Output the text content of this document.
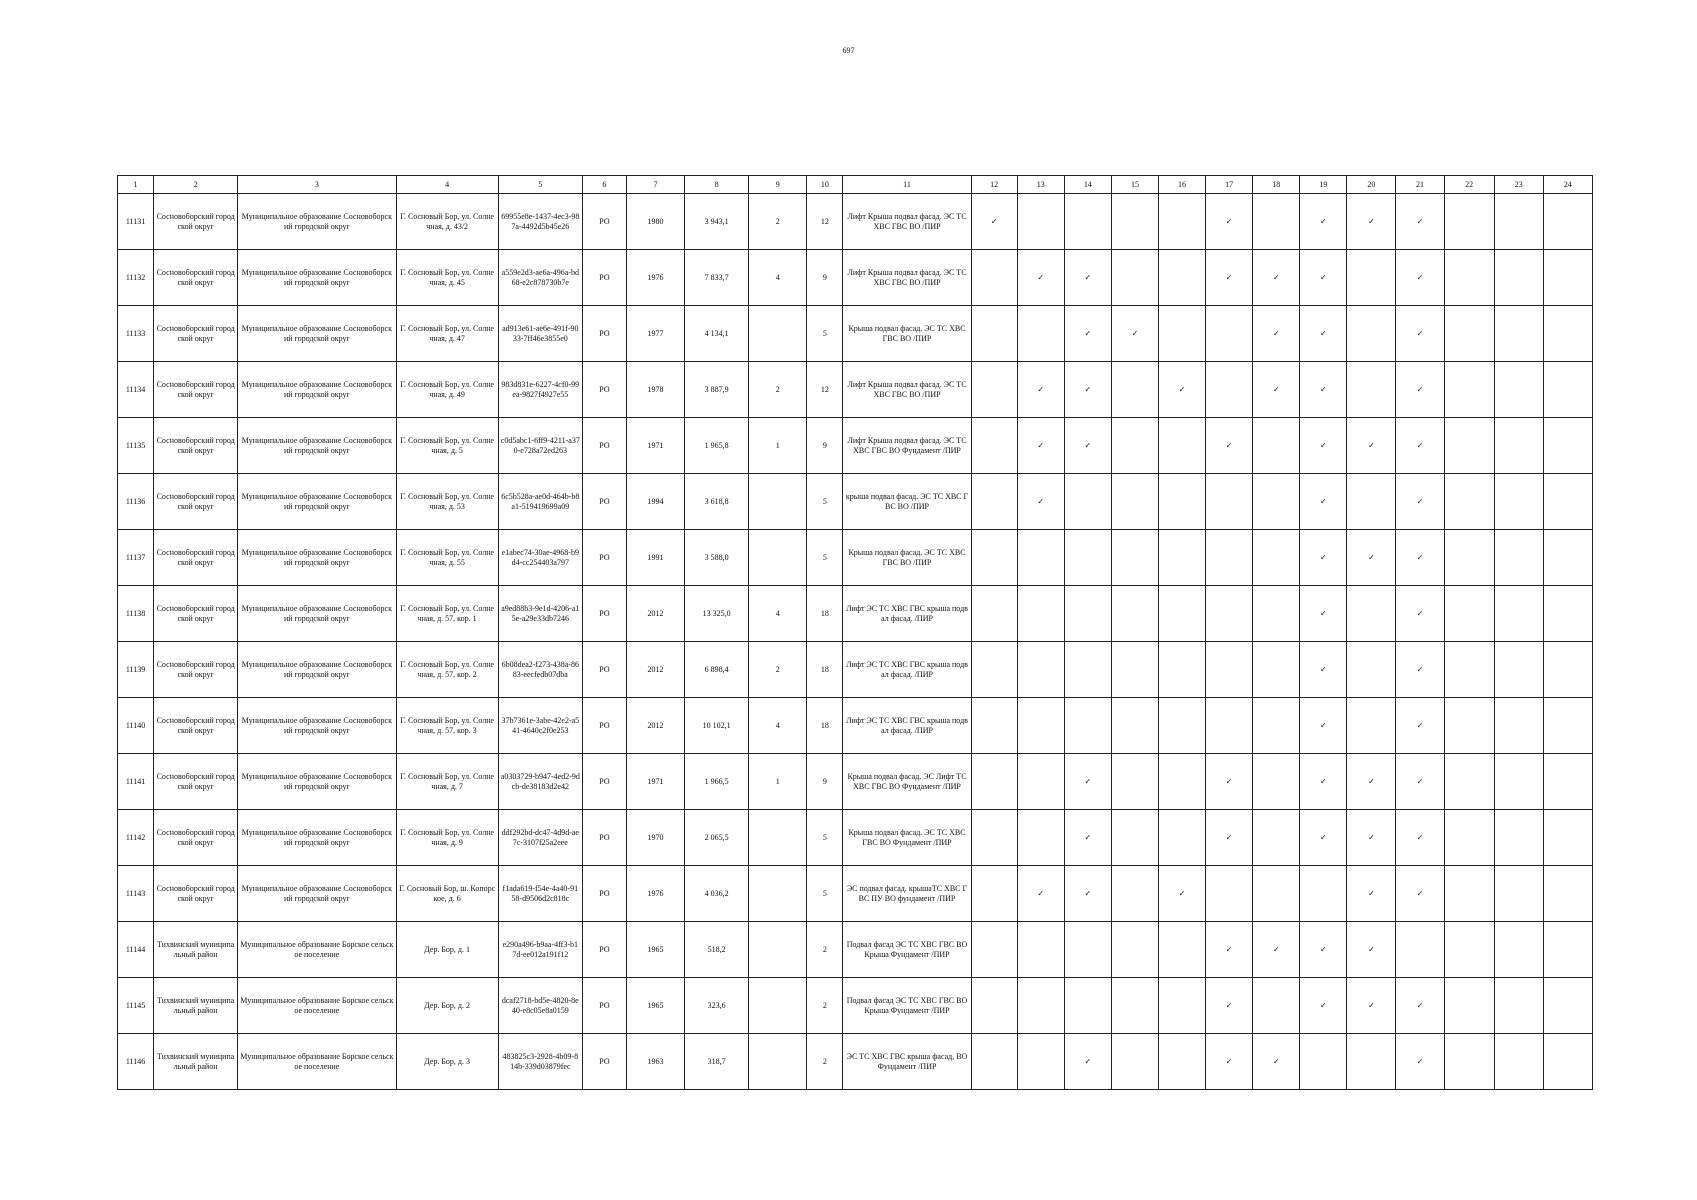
697
1	2	3	4	5	6	7	8	9	10	11	12	13	14	15	16	17	18	19	20	21	22	23	24
11131	Сосновоборский городской округ	Муниципальное образование Сосновоборский городской округ	Г. Сосновый Бор, ул. Солнечная, д. 43/2	69955e8e-1437-4ec3-987a-4492d5b45e26	РО	1980	3 943,1	2	12	Лифт Крыша подвал фасад. ЭС ТС ХВС ГВС ВО /ПИР	✓					✓		✓	✓	✓			
11132	Сосновоборский городской округ	Муниципальное образование Сосновоборский городской округ	Г. Сосновый Бор, ул. Солнечная, д. 45	a559e2d3-ae6a-496a-bd68-e2c878730b7e	РО	1976	7 833,7	4	9	Лифт Крыша подвал фасад. ЭС ТС ХВС ГВС ВО /ПИР		✓	✓			✓	✓	✓		✓			
11133	Сосновоборский городской округ	Муниципальное образование Сосновоборский городской округ	Г. Сосновый Бор, ул. Солнечная, д. 47	ad913e61-ae6e-491f-9033-7ff46e3855e0	РО	1977	4 134,1		5	Крыша подвал фасад. ЭС ТС ХВС ГВС ВО /ПИР			✓	✓			✓	✓		✓			
11134	Сосновоборский городской округ	Муниципальное образование Сосновоборский городской округ	Г. Сосновый Бор, ул. Солнечная, д. 49	983d831e-6227-4cf0-99ea-9827f4927e55	РО	1978	3 887,9	2	12	Лифт Крыша подвал фасад. ЭС ТС ХВС ГВС ВО /ПИР		✓	✓		✓		✓	✓		✓			
11135	Сосновоборский городской округ	Муниципальное образование Сосновоборский городской округ	Г. Сосновый Бор, ул. Солнечная, д. 5	c0d5abc1-6ff9-4211-a370-e728a72ed263	РО	1971	1 965,8	1	9	Лифт Крыша подвал фасад. ЭС ТС ХВС ГВС ВО Фундамент /ПИР		✓	✓			✓		✓	✓	✓			
11136	Сосновоборский городской округ	Муниципальное образование Сосновоборский городской округ	Г. Сосновый Бор, ул. Солнечная, д. 53	6c5b528a-ae0d-464b-b8a1-519419699a09	РО	1994	3 618,8		5	крыша подвал фасад. ЭС ТС ХВС ГВС ВО /ПИР		✓						✓		✓			
11137	Сосновоборский городской округ	Муниципальное образование Сосновоборский городской округ	Г. Сосновый Бор, ул. Солнечная, д. 55	e1abec74-30ae-4968-b9d4-cc254403a797	РО	1991	3 588,0		5	Крыша подвал фасад. ЭС ТС ХВС ГВС ВО /ПИР								✓	✓	✓			
11138	Сосновоборский городской округ	Муниципальное образование Сосновоборский городской округ	Г. Сосновый Бор, ул. Солнечная, д. 57, кор. 1	a9ed88b3-9e1d-4206-a15e-a29e33db7246	РО	2012	13 325,0	4	18	Лифт ЭС ТС ХВС ГВС крыша подвал фасад. /ПИР								✓		✓			
11139	Сосновоборский городской округ	Муниципальное образование Сосновоборский городской округ	Г. Сосновый Бор, ул. Солнечная, д. 57, кор. 2	6b08dea2-f273-438a-8683-eecfedb07dba	РО	2012	6 898,4	2	18	Лифт ЭС ТС ХВС ГВС крыша подвал фасад. /ПИР								✓		✓			
11140	Сосновоборский городской округ	Муниципальное образование Сосновоборский городской округ	Г. Сосновый Бор, ул. Солнечная, д. 57, кор. 3	37b7361e-3abe-42e2-a541-4640c2f0e253	РО	2012	10 102,1	4	18	Лифт ЭС ТС ХВС ГВС крыша подвал фасад. /ПИР								✓		✓			
11141	Сосновоборский городской округ	Муниципальное образование Сосновоборский городской округ	Г. Сосновый Бор, ул. Солнечная, д. 7	a0303729-b947-4ed2-9dcb-de38183d2e42	РО	1971	1 966,5	1	9	Крыша подвал фасад. ЭС Лифт ТС ХВС ГВС ВО Фундамент /ПИР			✓			✓		✓	✓	✓			
11142	Сосновоборский городской округ	Муниципальное образование Сосновоборский городской округ	Г. Сосновый Бор, ул. Солнечная, д. 9	ddf292bd-dc47-4d9d-ae7c-3107f25a2eee	РО	1970	2 065,5		5	Крыша подвал фасад. ЭС ТС ХВС ГВС ВО Фундамент /ПИР			✓			✓		✓	✓	✓			
11143	Сосновоборский городской округ	Муниципальное образование Сосновоборский городской округ	Г. Сосновый Бор, ш. Копорское, д. 6	f1ada619-f54e-4a40-9158-d9506d2c818c	РО	1976	4 036,2		5	ЭС подвал фасад. крышаТС ХВС ГВС ПУ ВО фундамент /ПИР		✓	✓		✓				✓	✓			
11144	Тихвинский муниципальный район	Муниципальное образование Борское сельское поселение	Дер. Бор, д. 1	e290a496-b9aa-4ff3-b17d-ee012a191f12	РО	1965	518,2		2	Подвал фасад ЭС ТС ХВС ГВС ВО Крыша Фундамент /ПИР						✓	✓	✓	✓				
11145	Тихвинский муниципальный район	Муниципальное образование Борское сельское поселение	Дер. Бор, д. 2	dcaf2718-bd5e-4820-8e40-e8c05e8a0159	РО	1965	323,6		2	Подвал фасад ЭС ТС ХВС ГВС ВО Крыша Фундамент /ПИР						✓		✓	✓	✓			
11146	Тихвинский муниципальный район	Муниципальное образование Борское сельское поселение	Дер. Бор, д. 3	483825c3-2928-4b09-814b-339d03879fec	РО	1963	318,7		2	ЭС ТС ХВС ГВС крыша фасад, ВО Фундамент /ПИР			✓			✓	✓			✓			
